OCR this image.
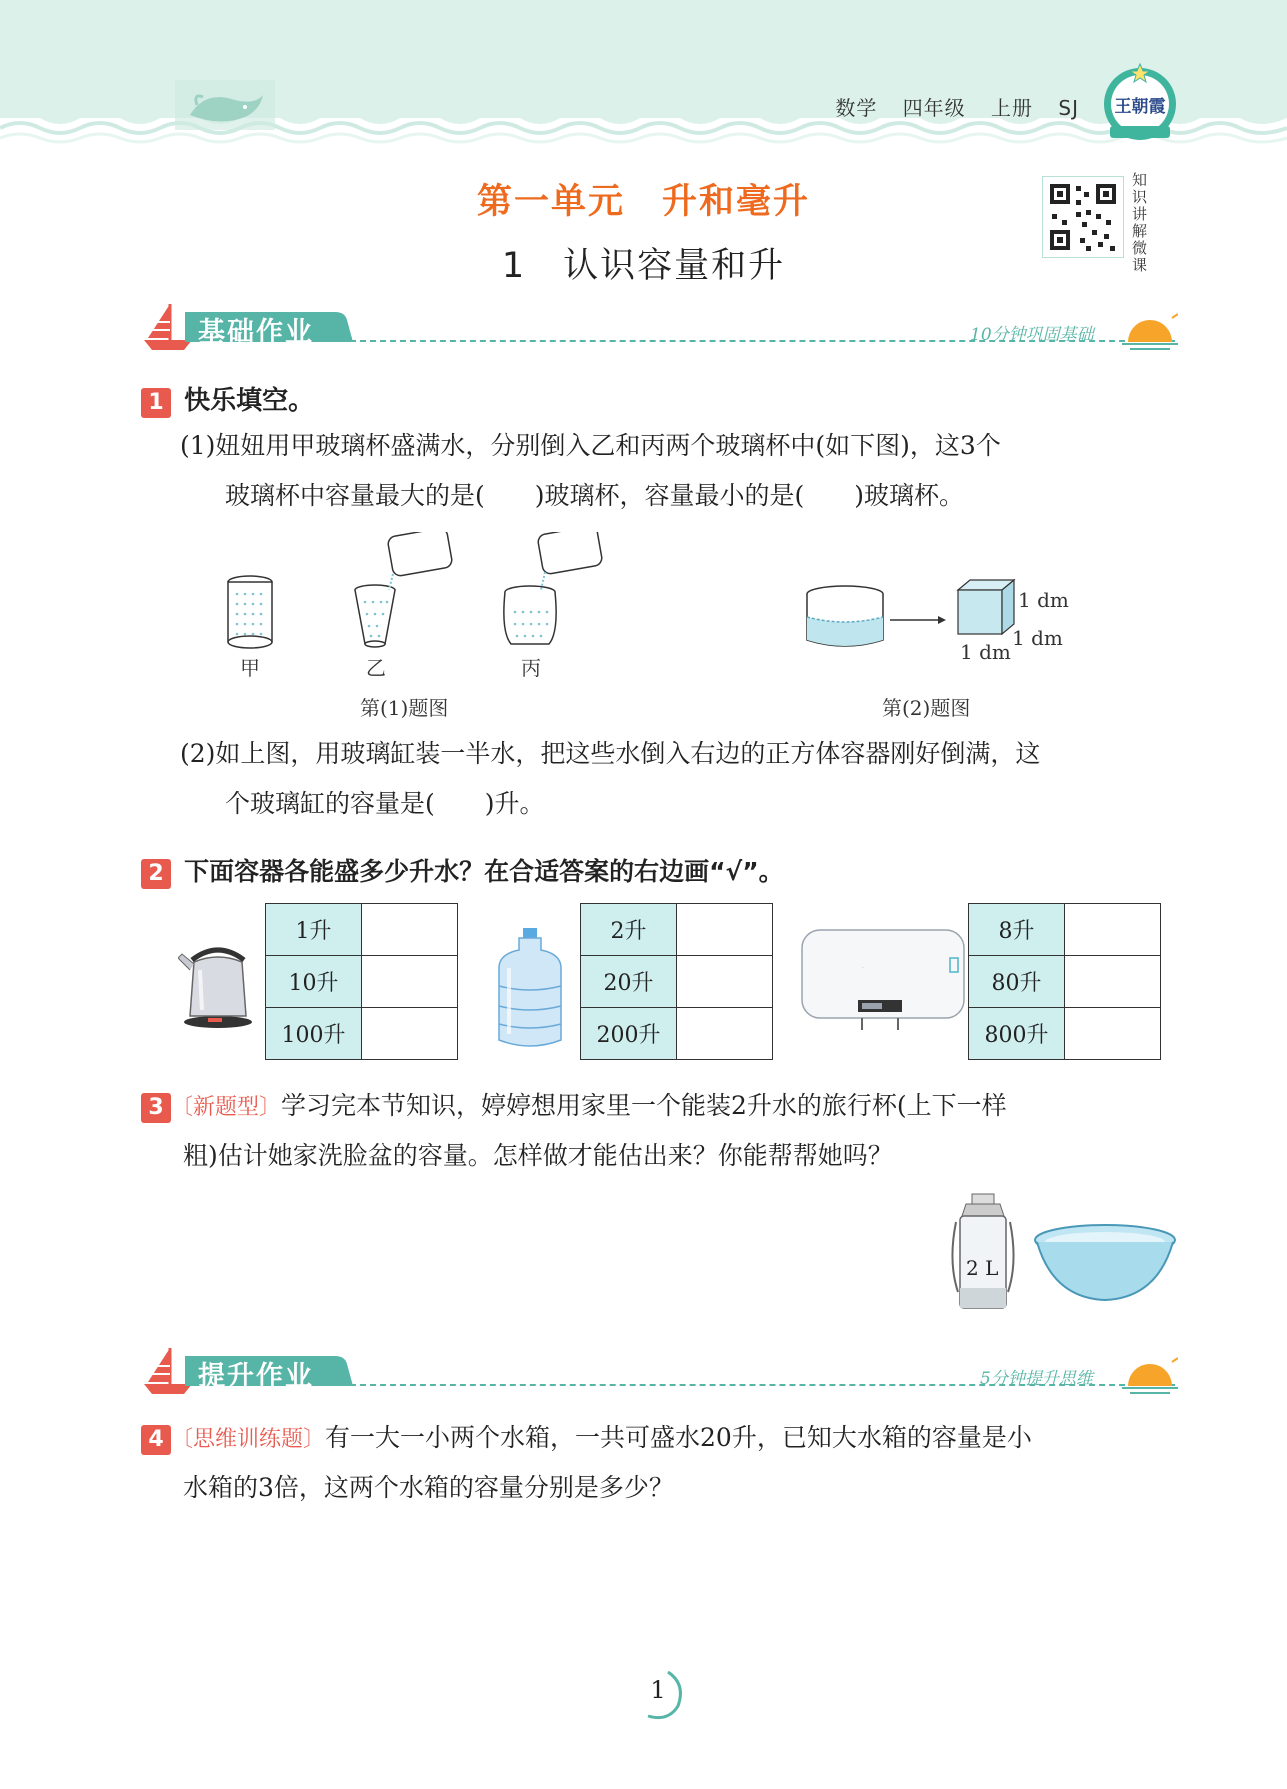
数学 四年级 上册 SJ 王朝霞
知识讲解微课
第一单元　升和毫升
1　认识容量和升
基础作业	10分钟巩固基础
1 快乐填空。
(1)妞妞用甲玻璃杯盛满水，分别倒入乙和丙两个玻璃杯中(如下图)，这3个
玻璃杯中容量最大的是(　　)玻璃杯，容量最小的是(　　)玻璃杯。
甲	乙	丙
第(1)题图
1 dm
1 dm
1 dm
第(2)题图
(2)如上图，用玻璃缸装一半水，把这些水倒入右边的正方体容器刚好倒满，这
个玻璃缸的容量是(　　)升。
2 下面容器各能盛多少升水？在合适答案的右边画“√”。
1升	
10升	
100升	
2升	
20升	
200升	
.
8升	
80升	
800升	
3 〔新题型〕学习完本节知识，婷婷想用家里一个能装2升水的旅行杯(上下一样
粗)估计她家洗脸盆的容量。怎样做才能估出来？你能帮帮她吗？
2 L
提升作业	5分钟提升思维
4 〔思维训练题〕有一大一小两个水箱，一共可盛水20升，已知大水箱的容量是小
水箱的3倍，这两个水箱的容量分别是多少？
1
